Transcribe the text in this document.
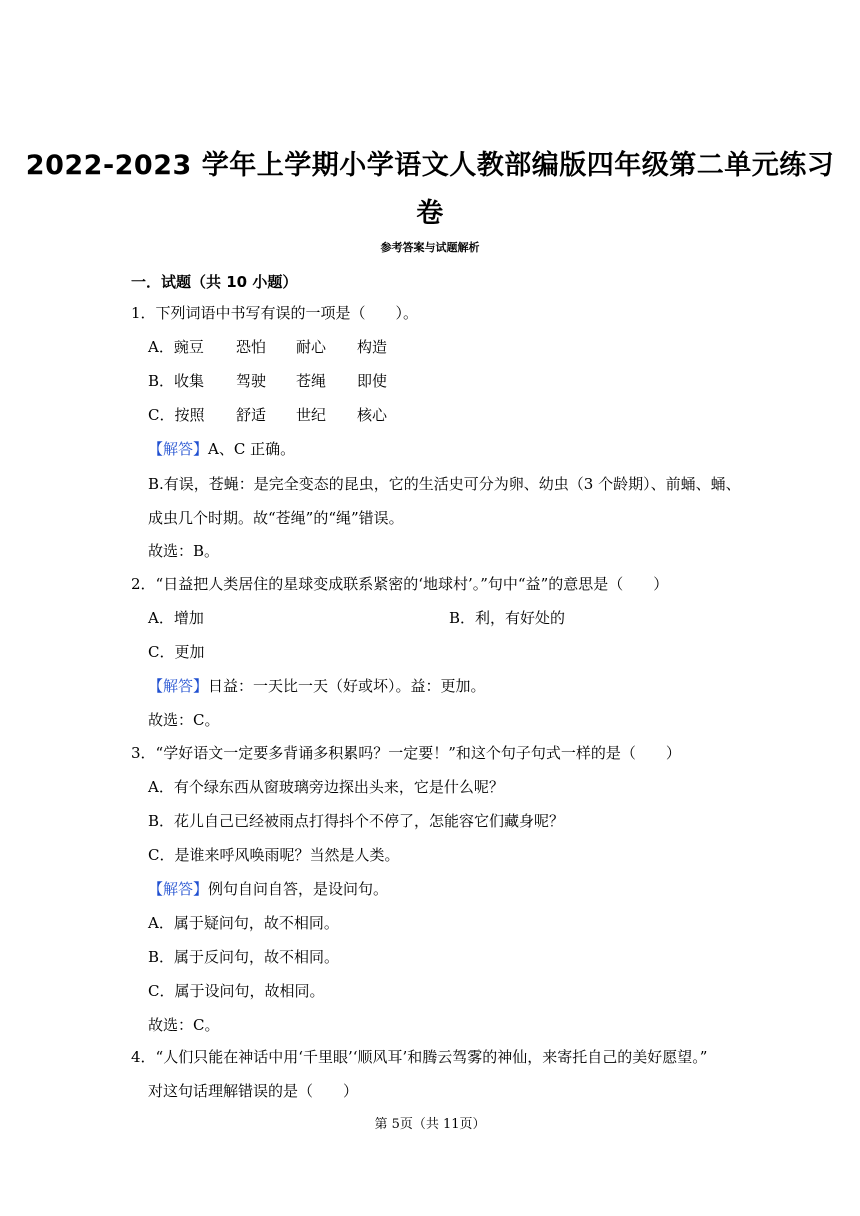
2022-2023 学年上学期小学语文人教部编版四年级第二单元练习
卷
参考答案与试题解析
一．试题（共 10 小题）
1．下列词语中书写有误的一项是（　　）。
A．豌豆 恐怕 耐心 构造
B．收集 驾驶 苍绳 即使
C．按照 舒适 世纪 核心
【解答】A、C 正确。
B.有误，苍蝇：是完全变态的昆虫，它的生活史可分为卵、幼虫（3 个龄期）、前蛹、蛹、
成虫几个时期。故“苍绳”的“绳”错误。
故选：B。
2．“日益把人类居住的星球变成联系紧密的‘地球村’。”句中“益”的意思是（　　）
A．增加	B．利，有好处的
C．更加
【解答】日益：一天比一天（好或坏）。益：更加。
故选：C。
3．“学好语文一定要多背诵多积累吗？一定要！”和这个句子句式一样的是（　　）
A．有个绿东西从窗玻璃旁边探出头来，它是什么呢？
B．花儿自己已经被雨点打得抖个不停了，怎能容它们藏身呢？
C．是谁来呼风唤雨呢？当然是人类。
【解答】例句自问自答，是设问句。
A．属于疑问句，故不相同。
B．属于反问句，故不相同。
C．属于设问句，故相同。
故选：C。
4．“人们只能在神话中用‘千里眼’‘顺风耳’和腾云驾雾的神仙，来寄托自己的美好愿望。”
对这句话理解错误的是（　　）
第 5页（共 11页）
